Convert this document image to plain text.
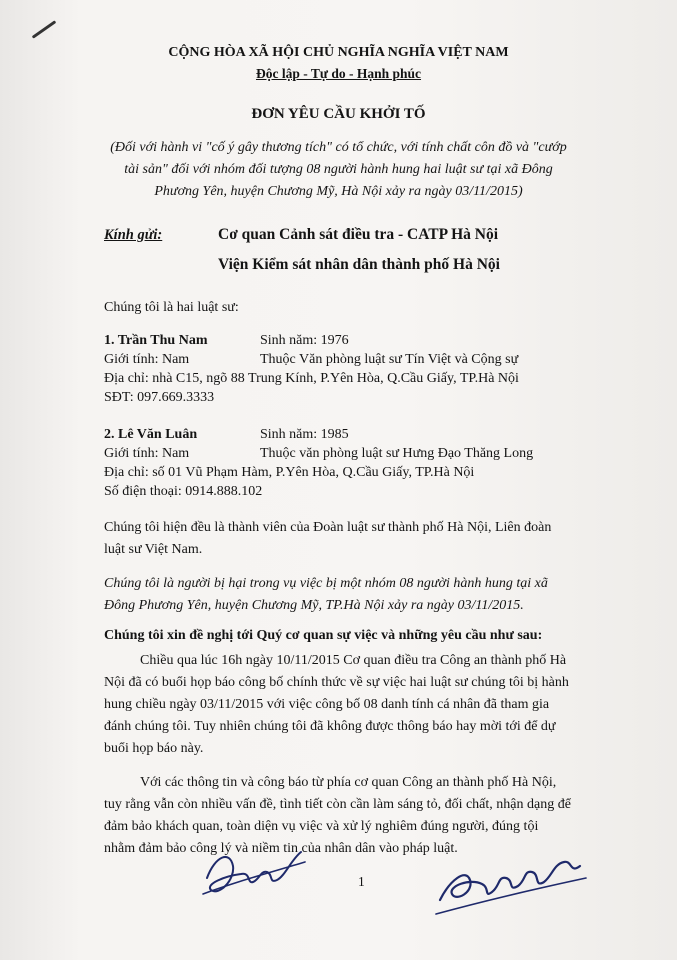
CỘNG HÒA XÃ HỘI CHỦ NGHĨA NGHĨA VIỆT NAM
Độc lập - Tự do - Hạnh phúc
ĐƠN YÊU CẦU KHỞI TỐ
(Đối với hành vi "cố ý gây thương tích" có tổ chức, với tính chất côn đồ và "cướp
tài sản" đối với nhóm đối tượng 08 người hành hung hai luật sư tại xã Đông
Phương Yên, huyện Chương Mỹ, Hà Nội xảy ra ngày 03/11/2015)
Kính gửi:	Cơ quan Cảnh sát điều tra - CATP Hà Nội
Viện Kiểm sát nhân dân thành phố Hà Nội
Chúng tôi là hai luật sư:
1. Trần Thu Nam	Sinh năm: 1976
Giới tính: Nam	Thuộc Văn phòng luật sư Tín Việt và Cộng sự
Địa chỉ: nhà C15, ngõ 88 Trung Kính, P.Yên Hòa, Q.Cầu Giấy, TP.Hà Nội
SĐT: 097.669.3333
2. Lê Văn Luân	Sinh năm: 1985
Giới tính: Nam	Thuộc văn phòng luật sư Hưng Đạo Thăng Long
Địa chỉ: số 01 Vũ Phạm Hàm, P.Yên Hòa, Q.Cầu Giấy, TP.Hà Nội
Số điện thoại: 0914.888.102
Chúng tôi hiện đều là thành viên của Đoàn luật sư thành phố Hà Nội, Liên đoàn
luật sư Việt Nam.
Chúng tôi là người bị hại trong vụ việc bị một nhóm 08 người hành hung tại xã
Đông Phương Yên, huyện Chương Mỹ, TP.Hà Nội xảy ra ngày 03/11/2015.
Chúng tôi xin đề nghị tới Quý cơ quan sự việc và những yêu cầu như sau:
Chiều qua lúc 16h ngày 10/11/2015 Cơ quan điều tra Công an thành phố Hà
Nội đã có buổi họp báo công bố chính thức về sự việc hai luật sư chúng tôi bị hành
hung chiều ngày 03/11/2015 với việc công bố 08 danh tính cá nhân đã tham gia
đánh chúng tôi. Tuy nhiên chúng tôi đã không được thông báo hay mời tới để dự
buổi họp báo này.
Với các thông tin và công báo từ phía cơ quan Công an thành phố Hà Nội,
tuy rằng vẫn còn nhiều vấn đề, tình tiết còn cần làm sáng tỏ, đối chất, nhận dạng để
đảm bảo khách quan, toàn diện vụ việc và xử lý nghiêm đúng người, đúng tội
nhằm đảm bảo công lý và niềm tin của nhân dân vào pháp luật.
1
